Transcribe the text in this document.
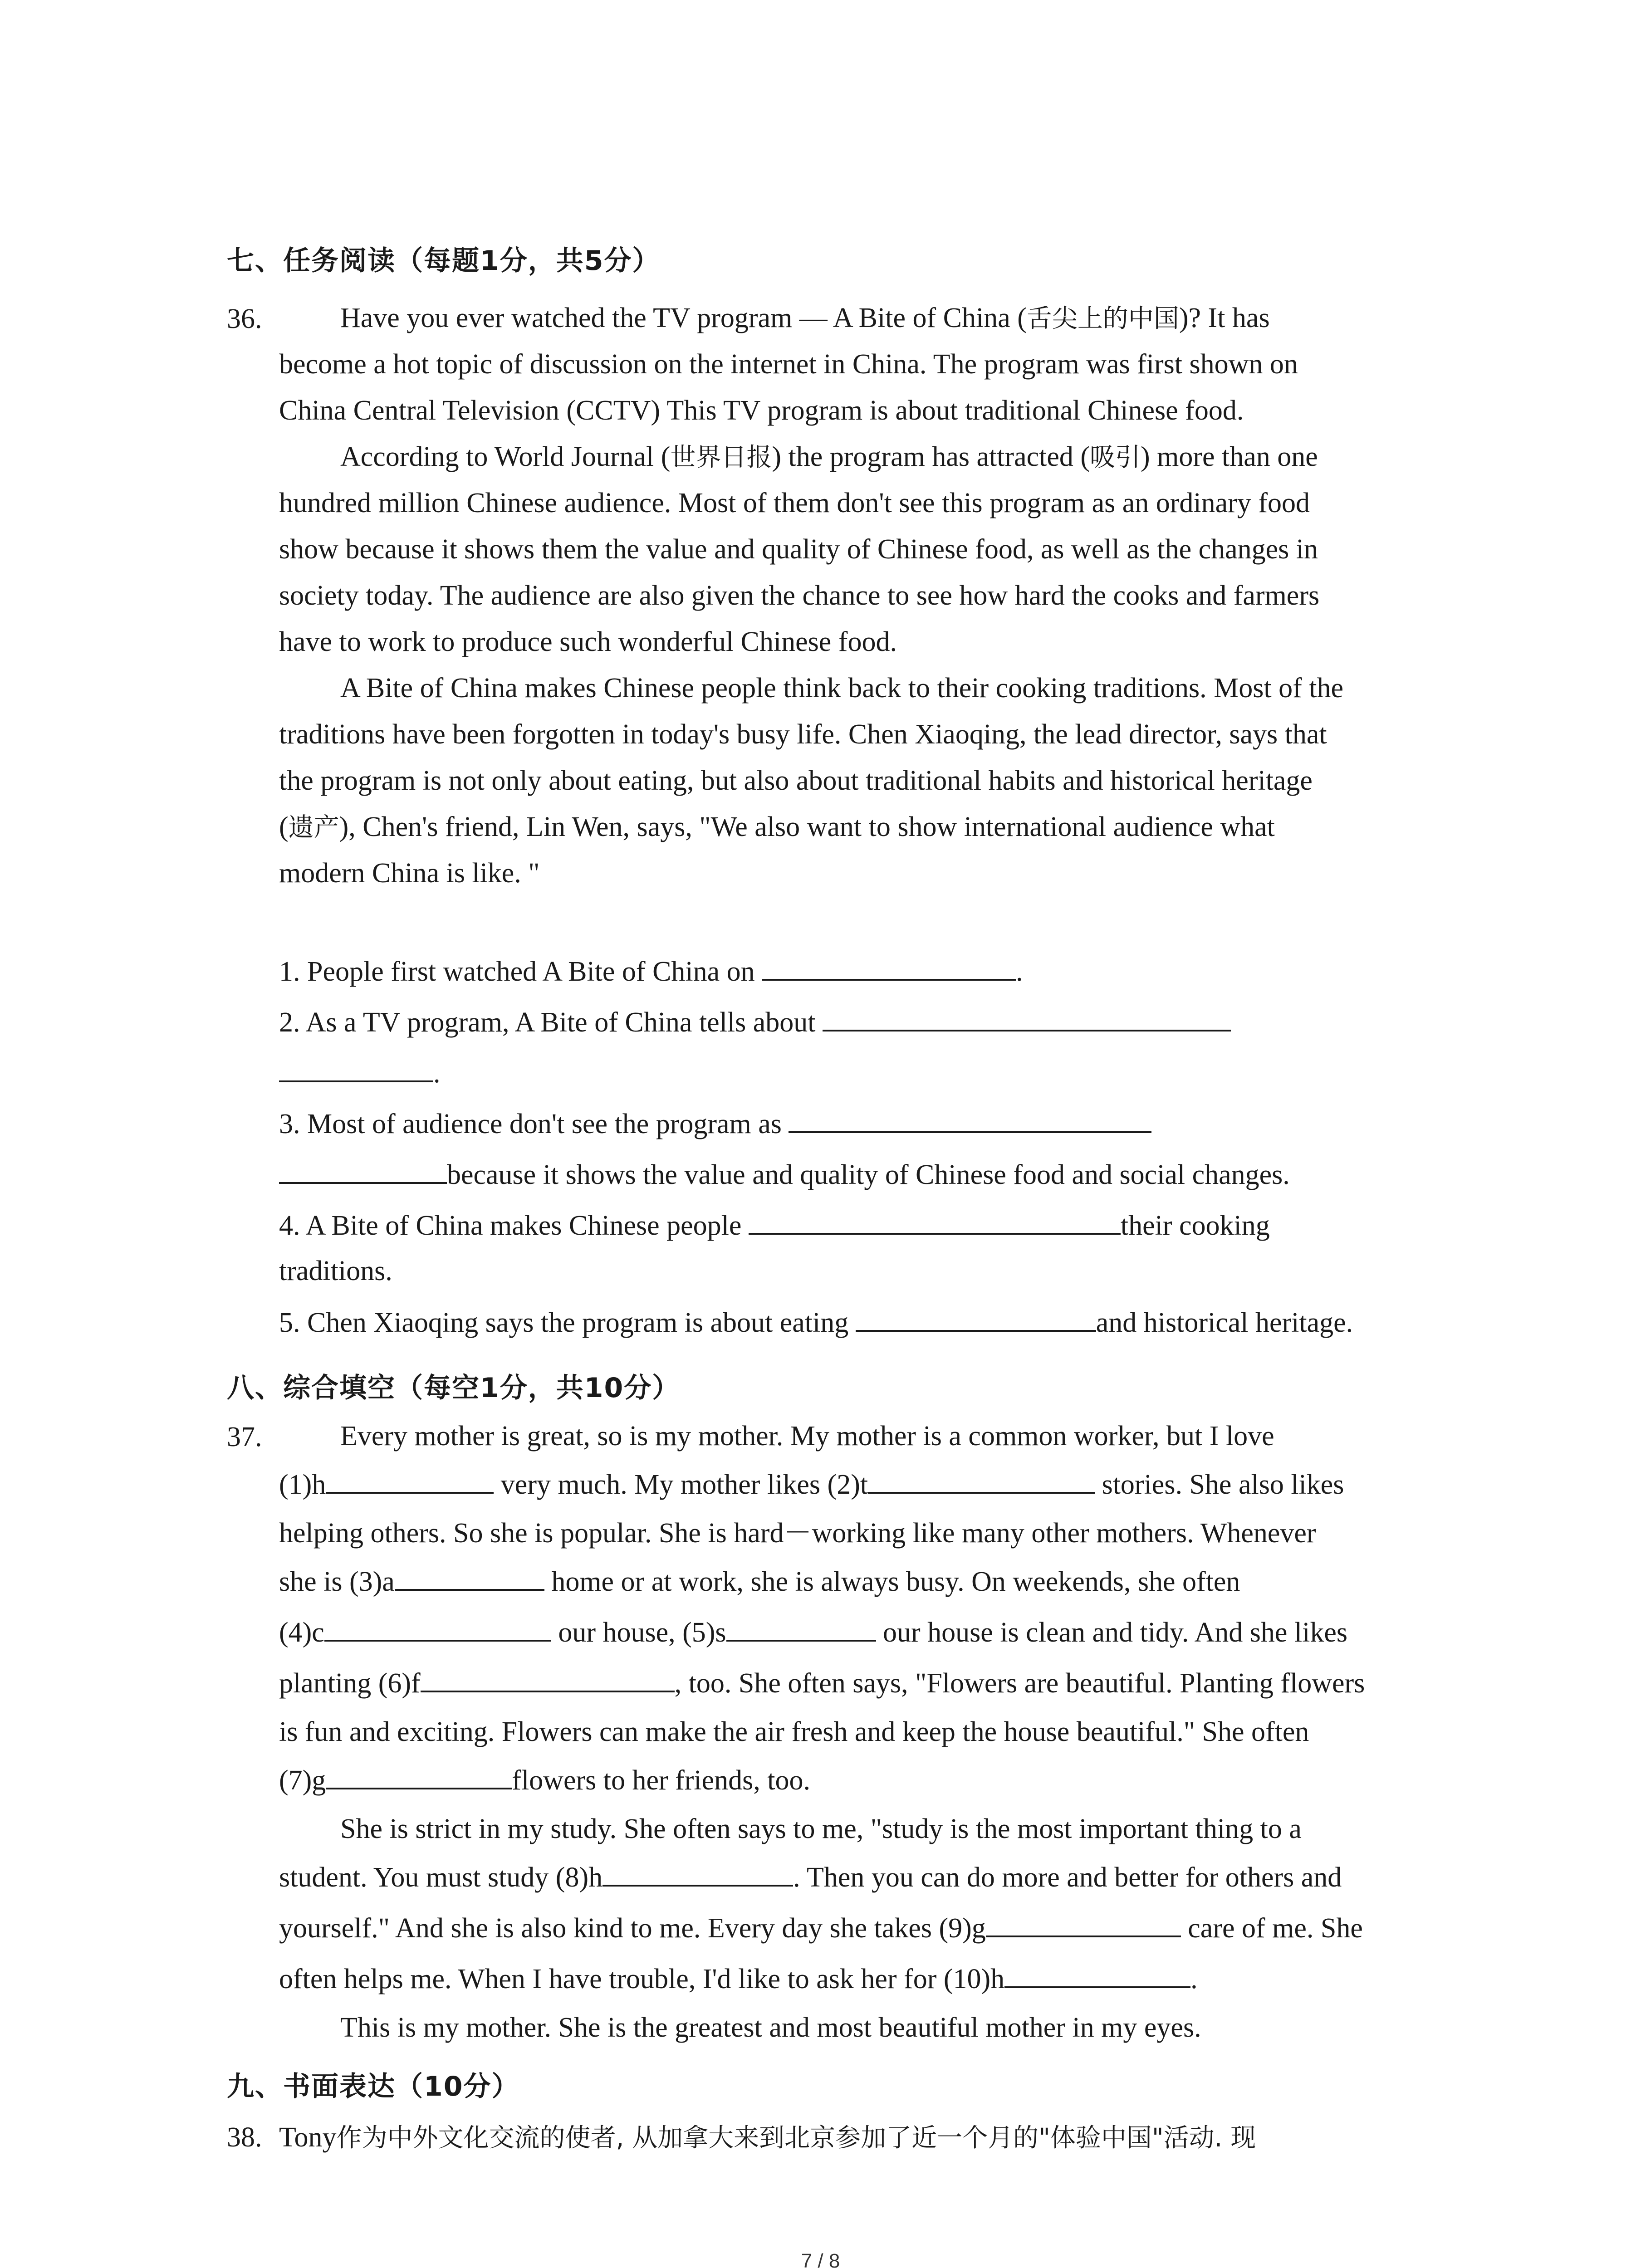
七、任务阅读（每题1分，共5分）
36.	Have you ever watched the TV program — A Bite of China (舌尖上的中国)? It has
become a hot topic of discussion on the internet in China. The program was first shown on
China Central Television (CCTV) This TV program is about traditional Chinese food.
According to World Journal (世界日报) the program has attracted (吸引) more than one
hundred million Chinese audience. Most of them don't see this program as an ordinary food
show because it shows them the value and quality of Chinese food, as well as the changes in
society today. The audience are also given the chance to see how hard the cooks and farmers
have to work to produce such wonderful Chinese food.
A Bite of China makes Chinese people think back to their cooking traditions. Most of the
traditions have been forgotten in today's busy life. Chen Xiaoqing, the lead director, says that
the program is not only about eating, but also about traditional habits and historical heritage
(遗产), Chen's friend, Lin Wen, says, "We also want to show international audience what
modern China is like. "
1. People first watched A Bite of China on	.
2. As a TV program, A Bite of China tells about
.
3. Most of audience don't see the program as
because it shows the value and quality of Chinese food and social changes.
4. A Bite of China makes Chinese people	their cooking
traditions.
5. Chen Xiaoqing says the program is about eating	and historical heritage.
八、综合填空（每空1分，共10分）
37.	Every mother is great, so is my mother. My mother is a common worker, but I love
(1)h	very much. My mother likes (2)t	stories. She also likes
helping others. So she is popular. She is hard－working like many other mothers. Whenever
she is (3)a	home or at work, she is always busy. On weekends, she often
(4)c	our house, (5)s	our house is clean and tidy. And she likes
planting (6)f	, too. She often says, "Flowers are beautiful. Planting flowers
is fun and exciting. Flowers can make the air fresh and keep the house beautiful." She often
(7)g	flowers to her friends, too.
She is strict in my study. She often says to me, "study is the most important thing to a
student. You must study (8)h	. Then you can do more and better for others and
yourself." And she is also kind to me. Every day she takes (9)g	care of me. She
often helps me. When I have trouble, I'd like to ask her for (10)h	.
This is my mother. She is the greatest and most beautiful mother in my eyes.
九、书面表达（10分）
38. Tony作为中外文化交流的使者, 从加拿大来到北京参加了近一个月的"体验中国"活动. 现
7 / 8
